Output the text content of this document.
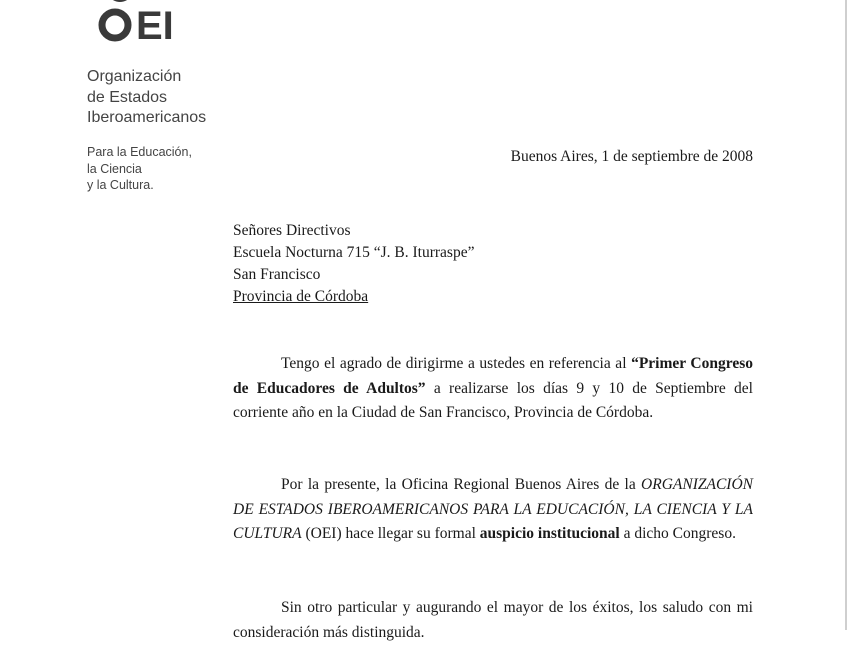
EI
Organización
de Estados
Iberoamericanos
Para la Educación,
la Ciencia
y la Cultura.
Buenos Aires, 1 de septiembre de 2008
Señores Directivos
Escuela Nocturna 715 “J. B. Iturraspe”
San Francisco
Provincia de Córdoba
Tengo el agrado de dirigirme a ustedes en referencia al “Primer Congreso de Educadores de Adultos” a realizarse los días 9 y 10 de Septiembre del corriente año en la Ciudad de San Francisco, Provincia de Córdoba.
Por la presente, la Oficina Regional Buenos Aires de la ORGANIZACIÓN DE ESTADOS IBEROAMERICANOS PARA LA EDUCACIÓN, LA CIENCIA Y LA CULTURA (OEI) hace llegar su formal auspicio institucional a dicho Congreso.
Sin otro particular y augurando el mayor de los éxitos, los saludo con mi consideración más distinguida.
